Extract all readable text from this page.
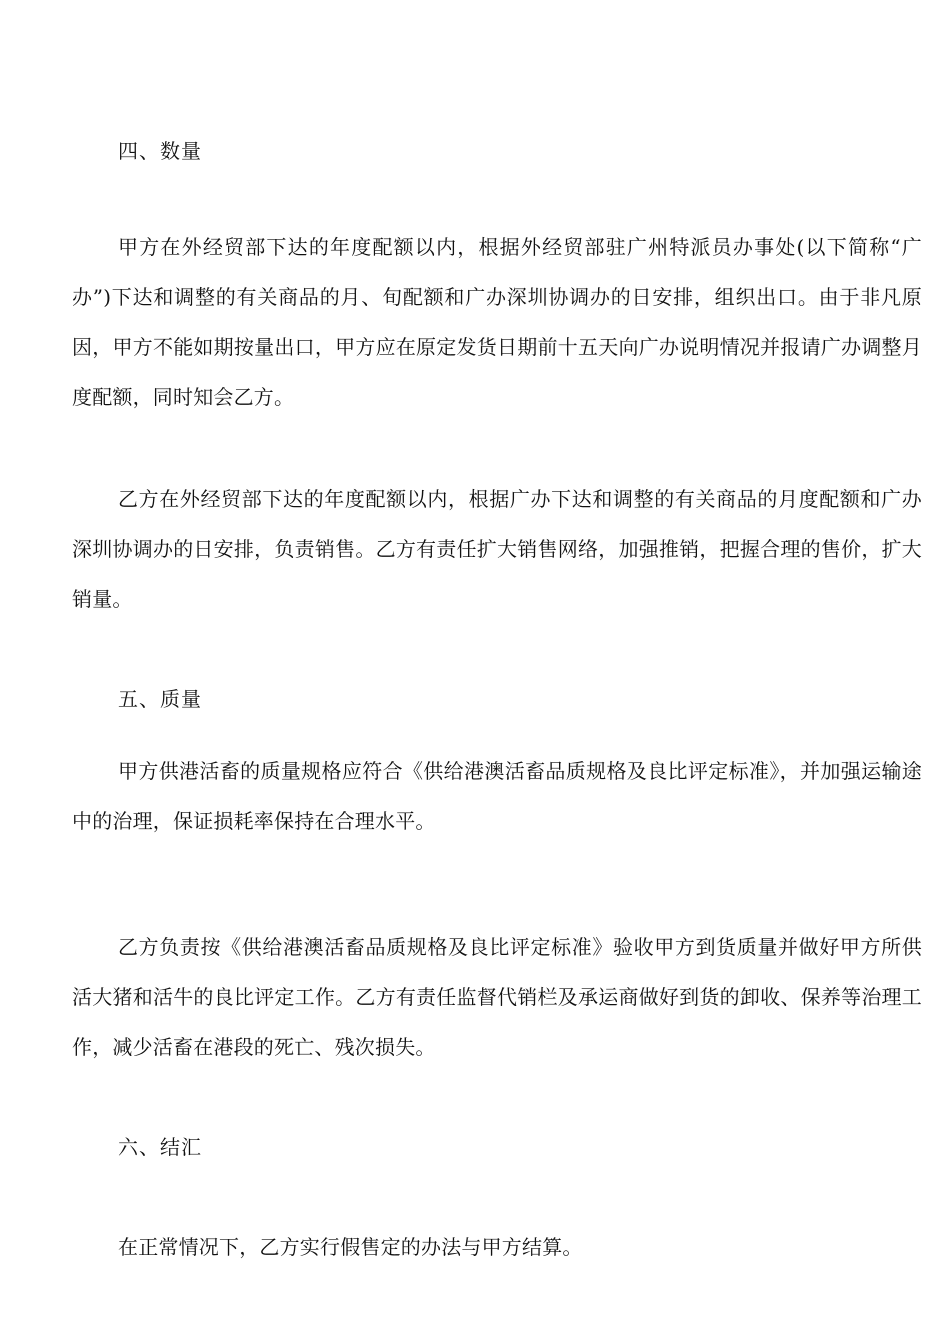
四、数量

甲方在外经贸部下达的年度配额以内，根据外经贸部驻广州特派员办事处(以下简称“广办”)下达和调整的有关商品的月、旬配额和广办深圳协调办的日安排，组织出口。由于非凡原因，甲方不能如期按量出口，甲方应在原定发货日期前十五天向广办说明情况并报请广办调整月度配额，同时知会乙方。

乙方在外经贸部下达的年度配额以内，根据广办下达和调整的有关商品的月度配额和广办深圳协调办的日安排，负责销售。乙方有责任扩大销售网络，加强推销，把握合理的售价，扩大销量。

五、质量

甲方供港活畜的质量规格应符合《供给港澳活畜品质规格及良比评定标准》，并加强运输途中的治理，保证损耗率保持在合理水平。

乙方负责按《供给港澳活畜品质规格及良比评定标准》验收甲方到货质量并做好甲方所供活大猪和活牛的良比评定工作。乙方有责任监督代销栏及承运商做好到货的卸收、保养等治理工作，减少活畜在港段的死亡、残次损失。

六、结汇

在正常情况下，乙方实行假售定的办法与甲方结算。
